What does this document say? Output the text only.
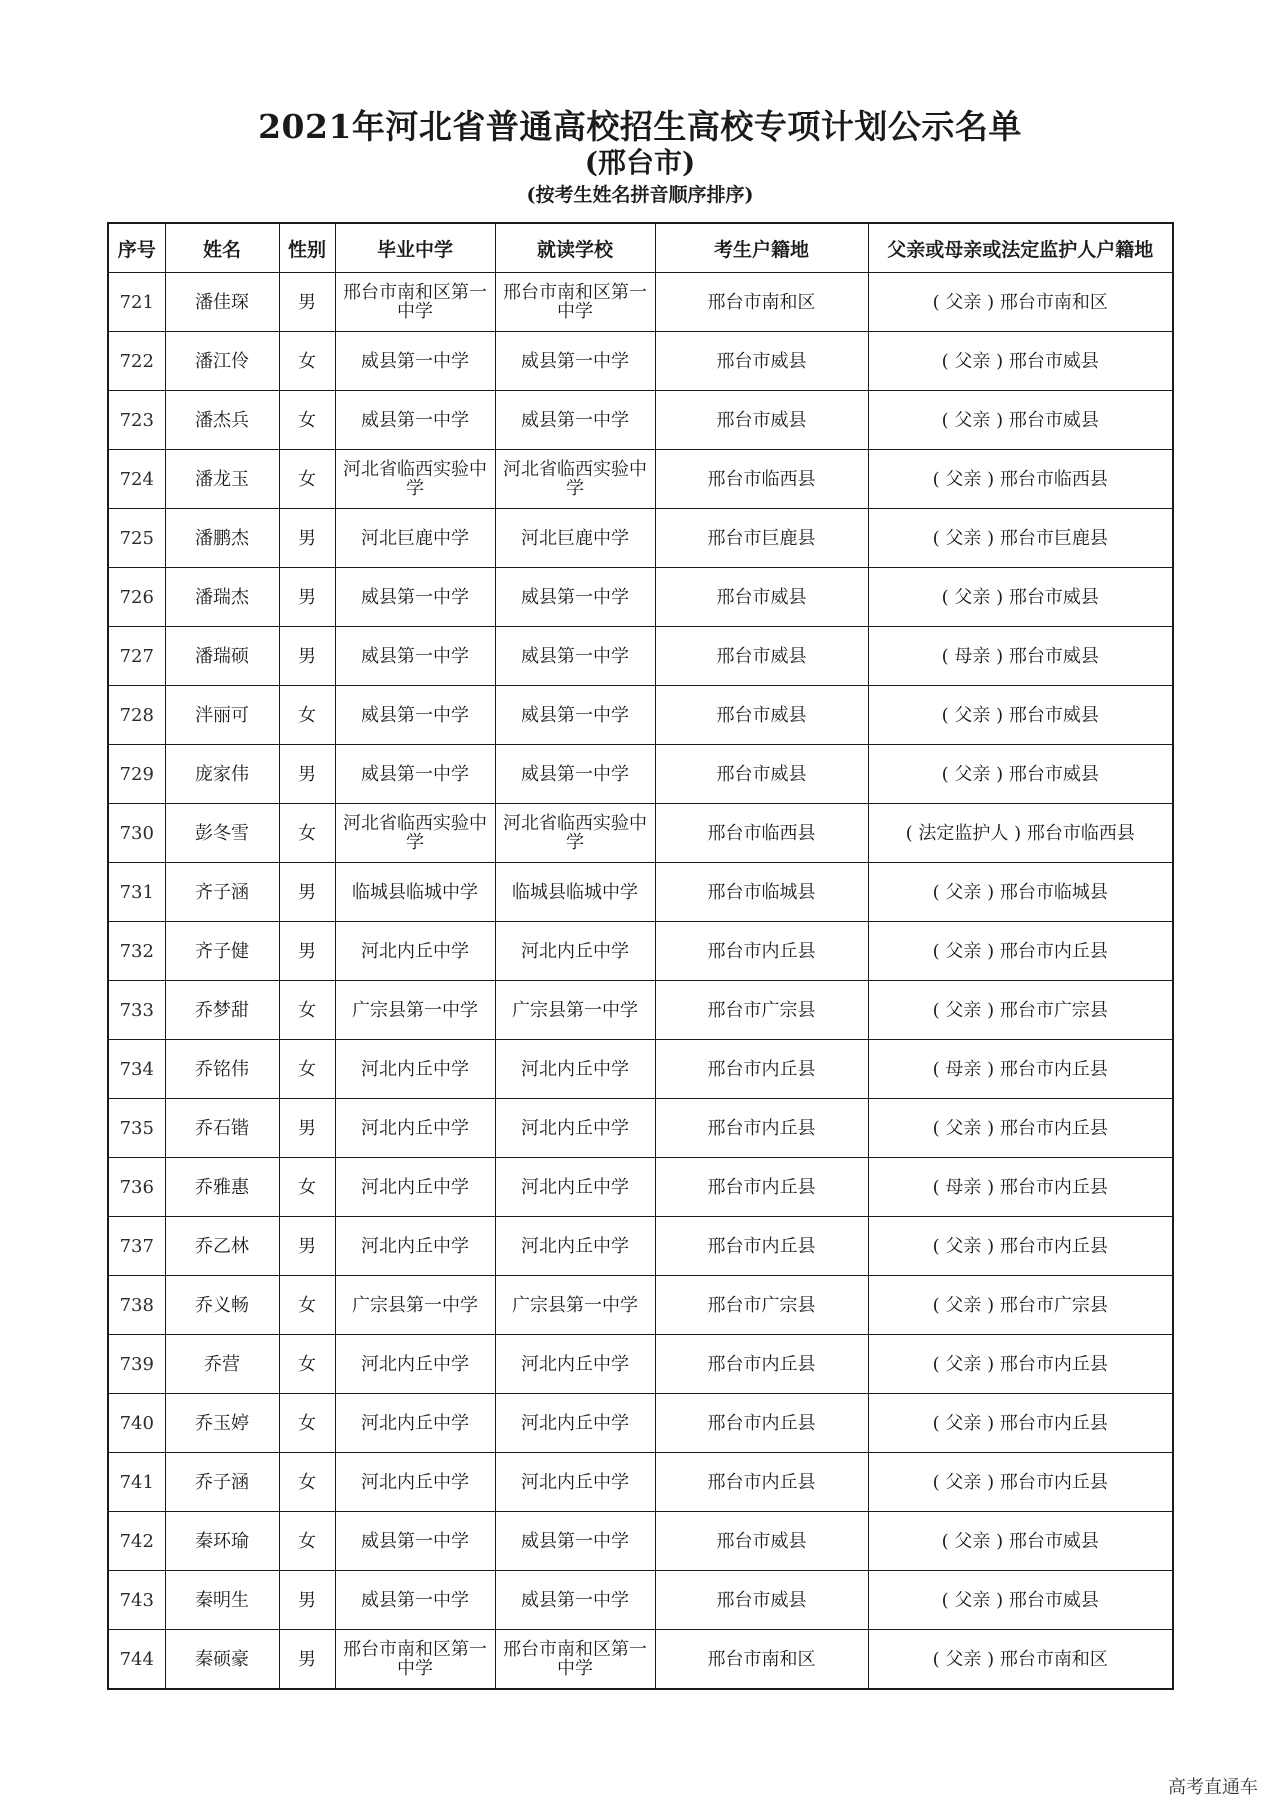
2021年河北省普通高校招生高校专项计划公示名单
(邢台市)
(按考生姓名拼音顺序排序)
序号	姓名	性别	毕业中学	就读学校	考生户籍地	父亲或母亲或法定监护人户籍地
721	潘佳琛	男	邢台市南和区第一中学	邢台市南和区第一中学	邢台市南和区	( 父亲 ) 邢台市南和区
722	潘江伶	女	威县第一中学	威县第一中学	邢台市威县	( 父亲 ) 邢台市威县
723	潘杰兵	女	威县第一中学	威县第一中学	邢台市威县	( 父亲 ) 邢台市威县
724	潘龙玉	女	河北省临西实验中学	河北省临西实验中学	邢台市临西县	( 父亲 ) 邢台市临西县
725	潘鹏杰	男	河北巨鹿中学	河北巨鹿中学	邢台市巨鹿县	( 父亲 ) 邢台市巨鹿县
726	潘瑞杰	男	威县第一中学	威县第一中学	邢台市威县	( 父亲 ) 邢台市威县
727	潘瑞硕	男	威县第一中学	威县第一中学	邢台市威县	( 母亲 ) 邢台市威县
728	泮丽可	女	威县第一中学	威县第一中学	邢台市威县	( 父亲 ) 邢台市威县
729	庞家伟	男	威县第一中学	威县第一中学	邢台市威县	( 父亲 ) 邢台市威县
730	彭冬雪	女	河北省临西实验中学	河北省临西实验中学	邢台市临西县	( 法定监护人 ) 邢台市临西县
731	齐子涵	男	临城县临城中学	临城县临城中学	邢台市临城县	( 父亲 ) 邢台市临城县
732	齐子健	男	河北内丘中学	河北内丘中学	邢台市内丘县	( 父亲 ) 邢台市内丘县
733	乔梦甜	女	广宗县第一中学	广宗县第一中学	邢台市广宗县	( 父亲 ) 邢台市广宗县
734	乔铭伟	女	河北内丘中学	河北内丘中学	邢台市内丘县	( 母亲 ) 邢台市内丘县
735	乔石锴	男	河北内丘中学	河北内丘中学	邢台市内丘县	( 父亲 ) 邢台市内丘县
736	乔雅惠	女	河北内丘中学	河北内丘中学	邢台市内丘县	( 母亲 ) 邢台市内丘县
737	乔乙林	男	河北内丘中学	河北内丘中学	邢台市内丘县	( 父亲 ) 邢台市内丘县
738	乔义畅	女	广宗县第一中学	广宗县第一中学	邢台市广宗县	( 父亲 ) 邢台市广宗县
739	乔营	女	河北内丘中学	河北内丘中学	邢台市内丘县	( 父亲 ) 邢台市内丘县
740	乔玉婷	女	河北内丘中学	河北内丘中学	邢台市内丘县	( 父亲 ) 邢台市内丘县
741	乔子涵	女	河北内丘中学	河北内丘中学	邢台市内丘县	( 父亲 ) 邢台市内丘县
742	秦环瑜	女	威县第一中学	威县第一中学	邢台市威县	( 父亲 ) 邢台市威县
743	秦明生	男	威县第一中学	威县第一中学	邢台市威县	( 父亲 ) 邢台市威县
744	秦硕豪	男	邢台市南和区第一中学	邢台市南和区第一中学	邢台市南和区	( 父亲 ) 邢台市南和区
高考直通车
